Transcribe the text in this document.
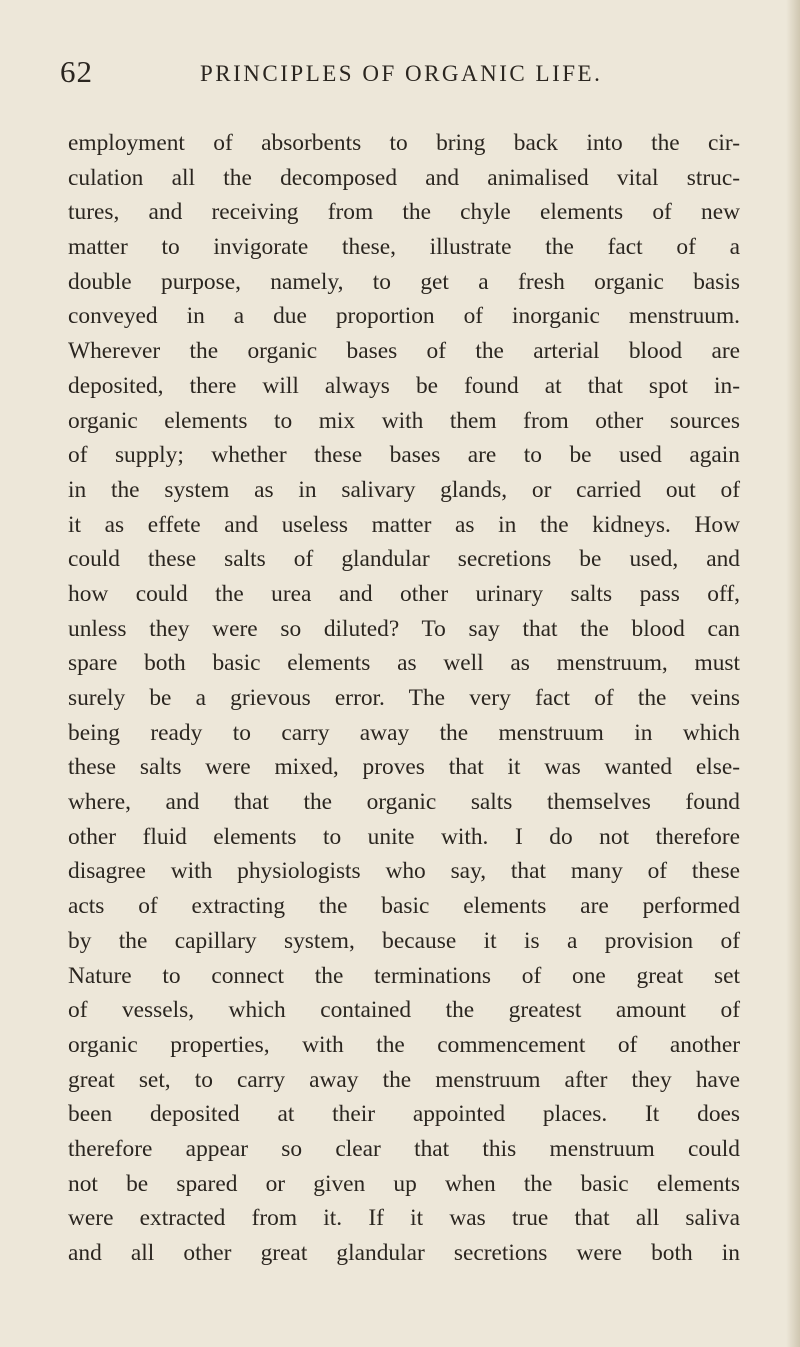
62	PRINCIPLES OF ORGANIC LIFE.
employment of absorbents to bring back into the cir-
culation all the decomposed and animalised vital struc-
tures, and receiving from the chyle elements of new
matter to invigorate these, illustrate the fact of a
double purpose, namely, to get a fresh organic basis
conveyed in a due proportion of inorganic menstruum.
Wherever the organic bases of the arterial blood are
deposited, there will always be found at that spot in-
organic elements to mix with them from other sources
of supply; whether these bases are to be used again
in the system as in salivary glands, or carried out of
it as effete and useless matter as in the kidneys. How
could these salts of glandular secretions be used, and
how could the urea and other urinary salts pass off,
unless they were so diluted? To say that the blood can
spare both basic elements as well as menstruum, must
surely be a grievous error. The very fact of the veins
being ready to carry away the menstruum in which
these salts were mixed, proves that it was wanted else-
where, and that the organic salts themselves found
other fluid elements to unite with. I do not therefore
disagree with physiologists who say, that many of these
acts of extracting the basic elements are performed
by the capillary system, because it is a provision of
Nature to connect the terminations of one great set
of vessels, which contained the greatest amount of
organic properties, with the commencement of another
great set, to carry away the menstruum after they have
been deposited at their appointed places. It does
therefore appear so clear that this menstruum could
not be spared or given up when the basic elements
were extracted from it. If it was true that all saliva
and all other great glandular secretions were both in
